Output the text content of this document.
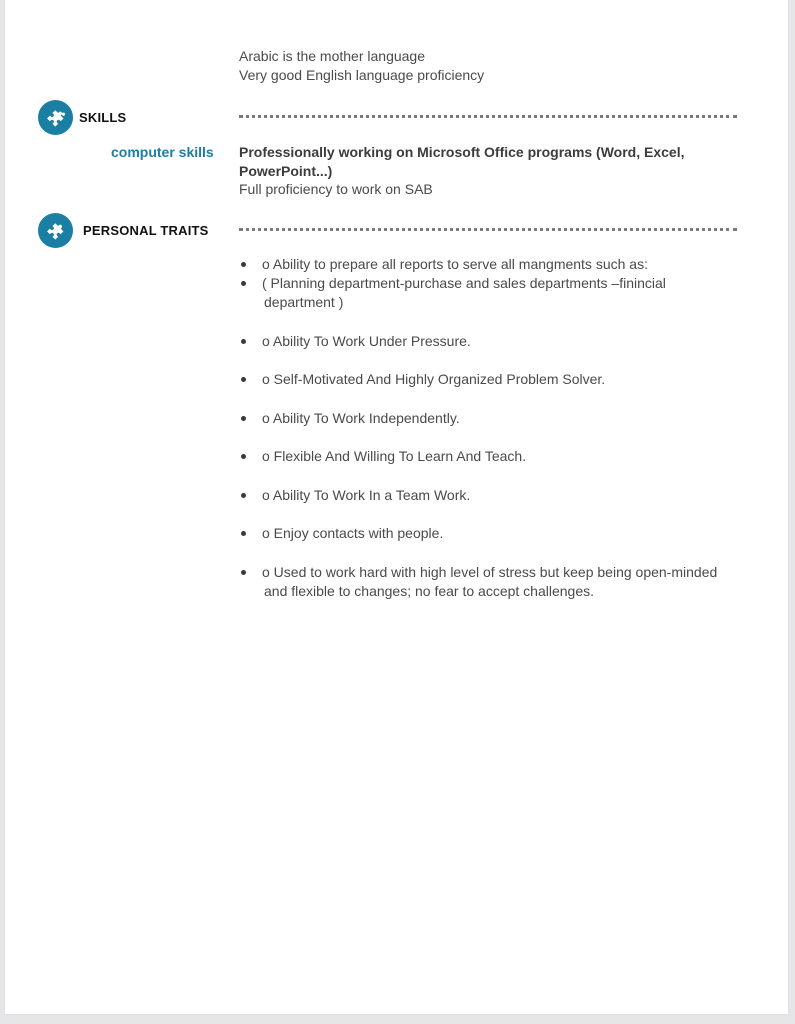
Arabic is the mother language
Very good English language proficiency
SKILLS
computer skills Professionally working on Microsoft Office programs (Word, Excel,
PowerPoint...)
Full proficiency to work on SAB
PERSONAL TRAITS
o Ability to prepare all reports to serve all mangments such as:
( Planning department-purchase and sales departments –finincial
department )
o Ability To Work Under Pressure.
o Self-Motivated And Highly Organized Problem Solver.
o Ability To Work Independently.
o Flexible And Willing To Learn And Teach.
o Ability To Work In a Team Work.
o Enjoy contacts with people.
o Used to work hard with high level of stress but keep being open-minded
and flexible to changes; no fear to accept challenges.
